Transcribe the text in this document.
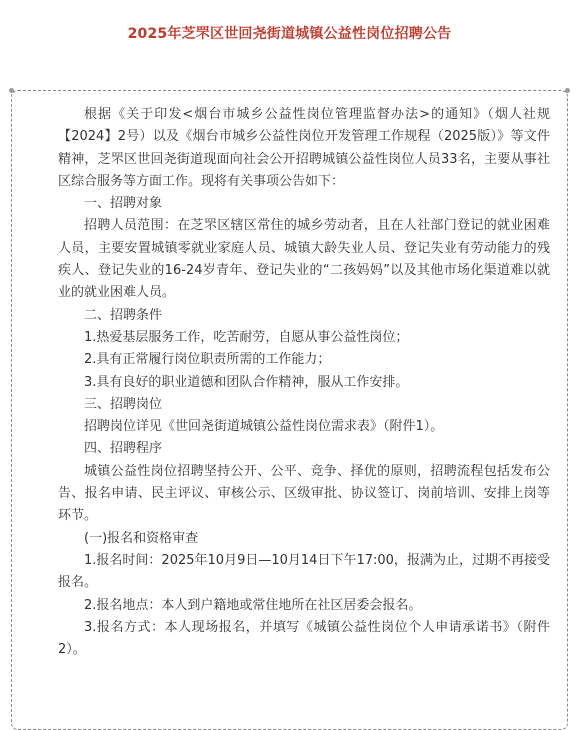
2025年芝罘区世回尧街道城镇公益性岗位招聘公告

根据《关于印发<烟台市城乡公益性岗位管理监督办法>的通知》（烟人社规【2024】2号）以及《烟台市城乡公益性岗位开发管理工作规程（2025版）》等文件精神，芝罘区世回尧街道现面向社会公开招聘城镇公益性岗位人员33名，主要从事社区综合服务等方面工作。现将有关事项公告如下：

一、招聘对象

招聘人员范围：在芝罘区辖区常住的城乡劳动者，且在人社部门登记的就业困难人员，主要安置城镇零就业家庭人员、城镇大龄失业人员、登记失业有劳动能力的残疾人、登记失业的16-24岁青年、登记失业的“二孩妈妈”以及其他市场化渠道难以就业的就业困难人员。

二、招聘条件

1.热爱基层服务工作，吃苦耐劳，自愿从事公益性岗位；

2.具有正常履行岗位职责所需的工作能力；

3.具有良好的职业道德和团队合作精神，服从工作安排。

三、招聘岗位

招聘岗位详见《世回尧街道城镇公益性岗位需求表》（附件1）。

四、招聘程序

城镇公益性岗位招聘坚持公开、公平、竞争、择优的原则，招聘流程包括发布公告、报名申请、民主评议、审核公示、区级审批、协议签订、岗前培训、安排上岗等环节。

(一)报名和资格审查

1.报名时间：2025年10月9日—10月14日下午17:00，报满为止，过期不再接受报名。

2.报名地点：本人到户籍地或常住地所在社区居委会报名。

3.报名方式：本人现场报名，并填写《城镇公益性岗位个人申请承诺书》（附件2）。
